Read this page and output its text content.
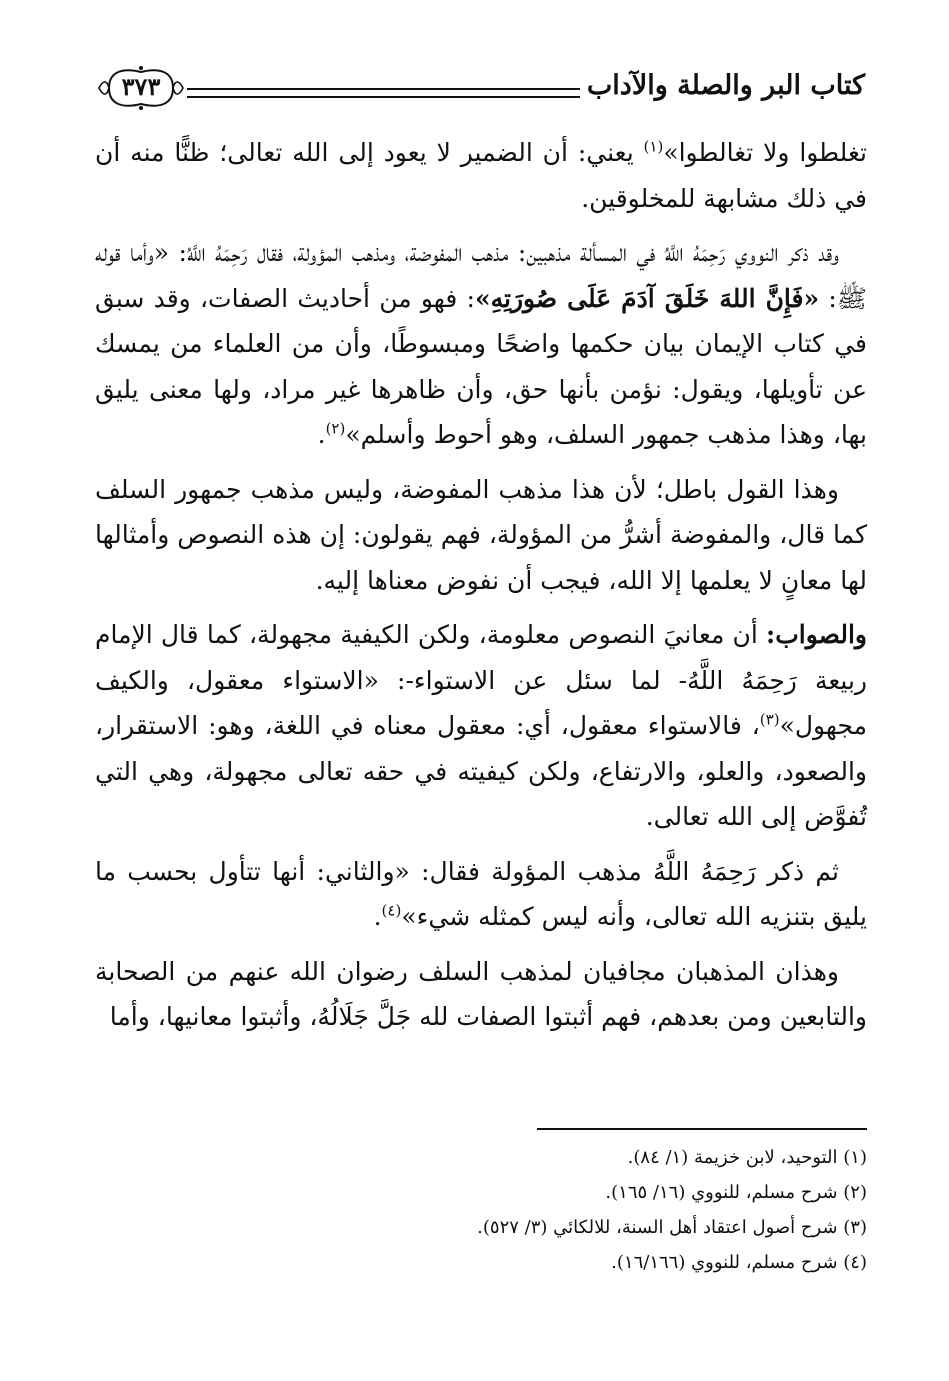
كتاب البر والصلة والآداب
٣٧٣

تغلطوا ولا تغالطوا»$^{(١)}$ يعني: أن الضمير لا يعود إلى الله تعالى؛ ظنًّا منه أن في ذلك مشابهة للمخلوقين.

وقد ذكر النووي رَحِمَهُ اللَّهُ في المسألة مذهبين: مذهب المفوضة، ومذهب المؤولة، فقال رَحِمَهُ اللَّهُ: «وأما قوله ﷺ: «فَإِنَّ اللهَ خَلَقَ آدَمَ عَلَى صُورَتِهِ»: فهو من أحاديث الصفات، وقد سبق في كتاب الإيمان بيان حكمها واضحًا ومبسوطًا، وأن من العلماء من يمسك عن تأويلها، ويقول: نؤمن بأنها حق، وأن ظاهرها غير مراد، ولها معنى يليق بها، وهذا مذهب جمهور السلف، وهو أحوط وأسلم»$^{(٢)}$.

وهذا القول باطل؛ لأن هذا مذهب المفوضة، وليس مذهب جمهور السلف كما قال، والمفوضة أشرُّ من المؤولة، فهم يقولون: إن هذه النصوص وأمثالها لها معانٍ لا يعلمها إلا الله، فيجب أن نفوض معناها إليه.

والصواب: أن معانيَ النصوص معلومة، ولكن الكيفية مجهولة، كما قال الإمام ربيعة رَحِمَهُ اللَّهُ- لما سئل عن الاستواء-: «الاستواء معقول، والكيف مجهول»$^{(٣)}$، فالاستواء معقول، أي: معقول معناه في اللغة، وهو: الاستقرار، والصعود، والعلو، والارتفاع، ولكن كيفيته في حقه تعالى مجهولة، وهي التي تُفوَّض إلى الله تعالى.

ثم ذكر رَحِمَهُ اللَّهُ مذهب المؤولة فقال: «والثاني: أنها تتأول بحسب ما يليق بتنزيه الله تعالى، وأنه ليس كمثله شيء»$^{(٤)}$.

وهذان المذهبان مجافيان لمذهب السلف رضوان الله عنهم من الصحابة والتابعين ومن بعدهم، فهم أثبتوا الصفات لله جَلَّ جَلَالُهُ، وأثبتوا معانيها، وأما

(١) التوحيد، لابن خزيمة (١/ ٨٤).

(٢) شرح مسلم، للنووي (١٦/ ١٦٥).

(٣) شرح أصول اعتقاد أهل السنة، للالكائي (٣/ ٥٢٧).

(٤) شرح مسلم، للنووي (١٦/١٦٦).
